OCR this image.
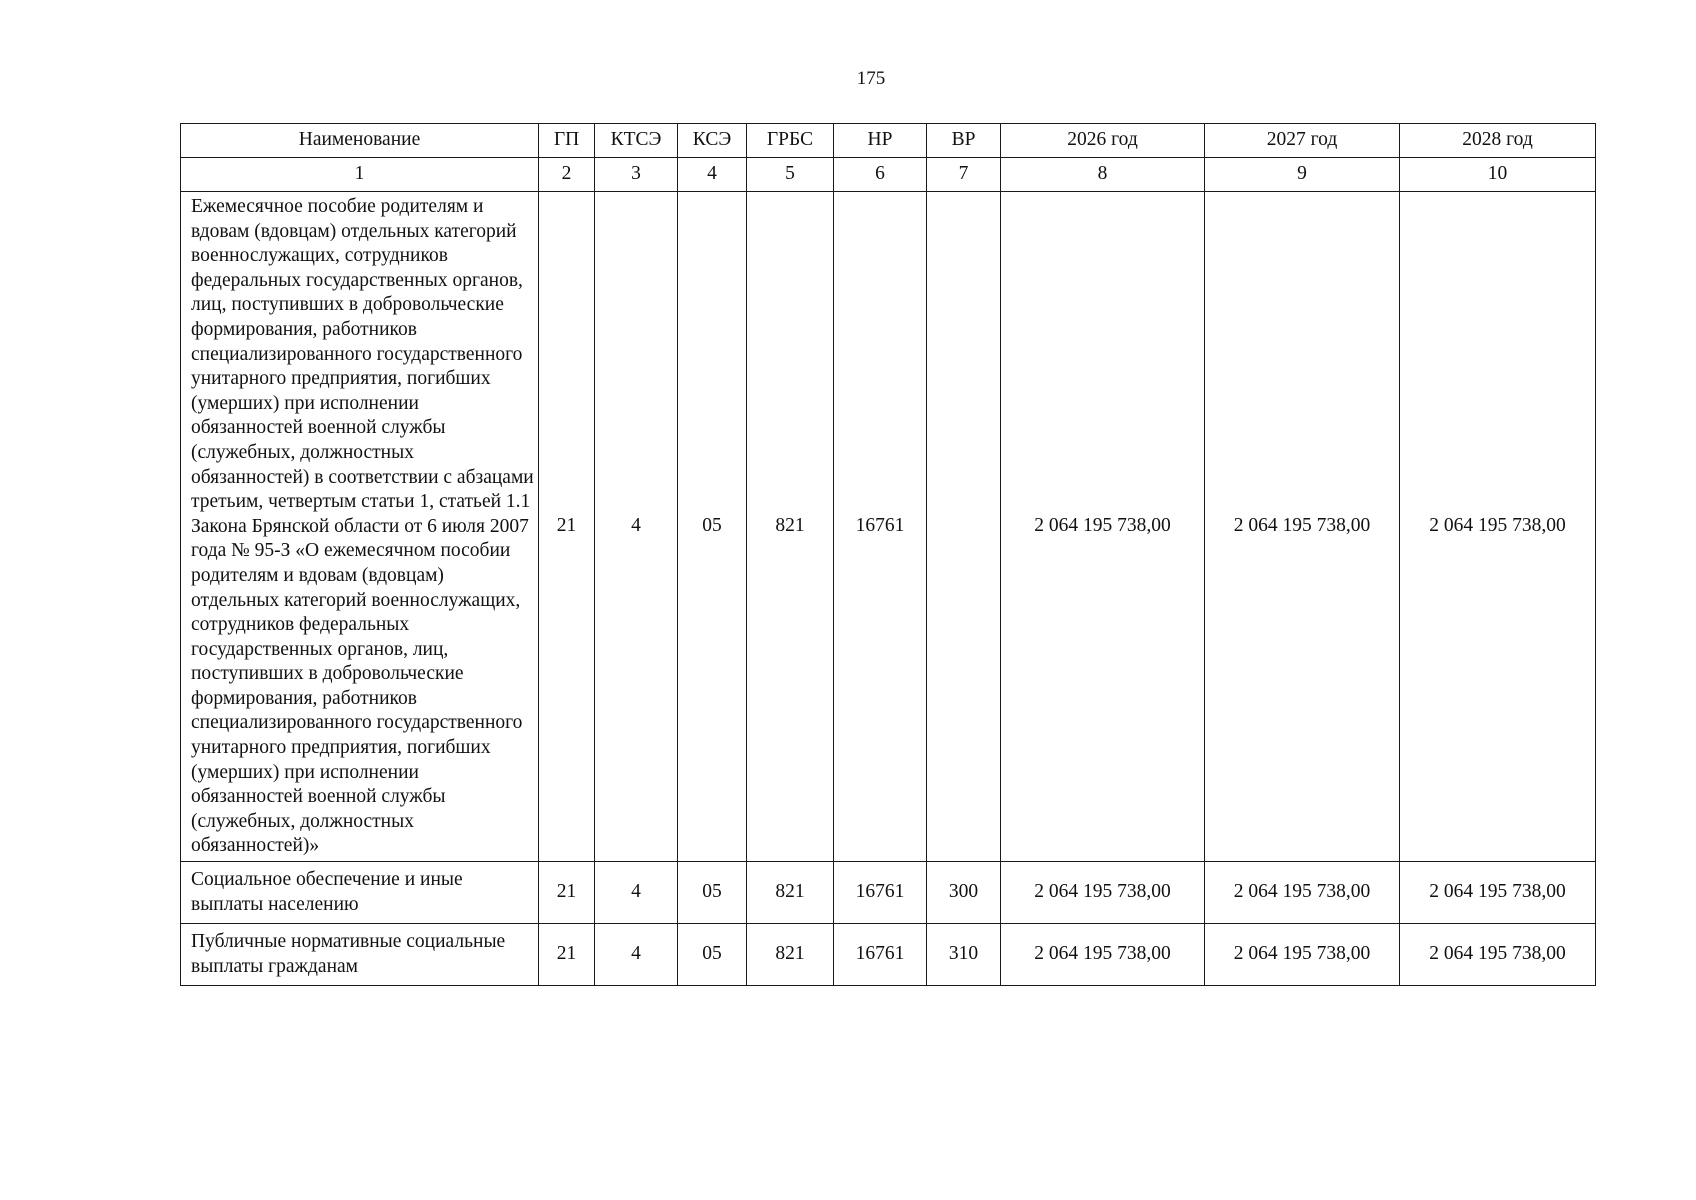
175
Наименование	ГП	КТСЭ	КСЭ	ГРБС	НР	ВР	2026 год	2027 год	2028 год
1	2	3	4	5	6	7	8	9	10
Ежемесячное пособие родителям и вдовам (вдовцам) отдельных категорий военнослужащих, сотрудников федеральных государственных органов, лиц, поступивших в добровольческие формирования, работников специализированного государственного унитарного предприятия, погибших (умерших) при исполнении обязанностей военной службы (служебных, должностных обязанностей) в соответствии с абзацами третьим, четвертым статьи 1, статьей 1.1 Закона Брянской области от 6 июля 2007 года № 95-З «О ежемесячном пособии родителям и вдовам (вдовцам) отдельных категорий военнослужащих, сотрудников федеральных государственных органов, лиц, поступивших в добровольческие формирования, работников специализированного государственного унитарного предприятия, погибших (умерших) при исполнении обязанностей военной службы (служебных, должностных обязанностей)»	21	4	05	821	16761		2 064 195 738,00	2 064 195 738,00	2 064 195 738,00
Социальное обеспечение и иные выплаты населению	21	4	05	821	16761	300	2 064 195 738,00	2 064 195 738,00	2 064 195 738,00
Публичные нормативные социальные выплаты гражданам	21	4	05	821	16761	310	2 064 195 738,00	2 064 195 738,00	2 064 195 738,00
